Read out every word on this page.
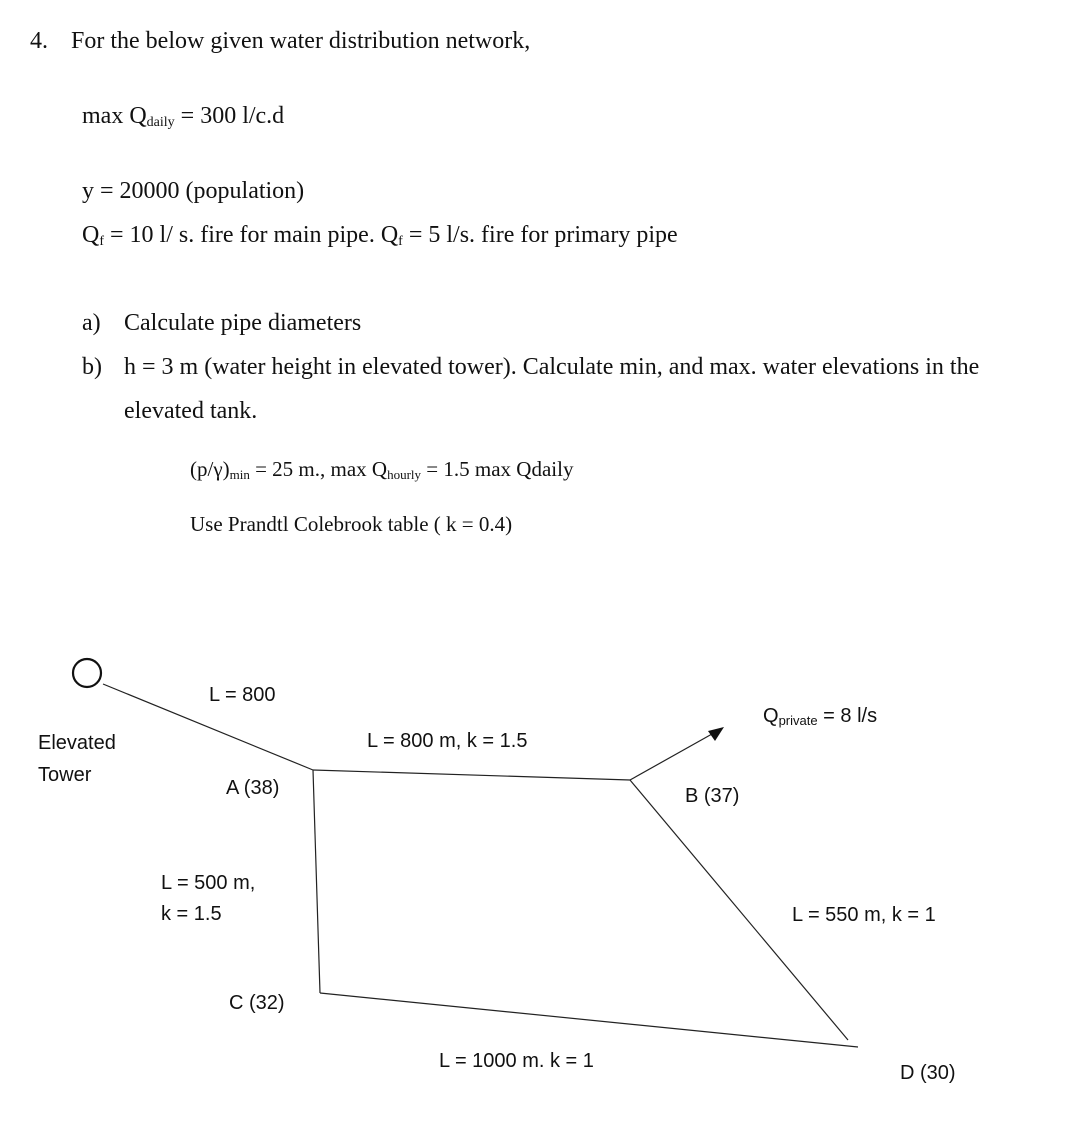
4. For the below given water distribution network,
$\max Q_{daily} = 300$ l/c.d
y = 20000 (population)
$Q_f = 10$ l/ s. fire for main pipe. $Q_f = 5$ l/s. fire for primary pipe
a) Calculate pipe diameters
b) h = 3 m (water height in elevated tower). Calculate min, and max. water elevations in the
elevated tank.
$(p/\gamma)_{min} = 25$ m., $\max Q_{hourly} = 1.5$ max Qdaily
Use Prandtl Colebrook table ( k = 0.4)
Elevated
Tower
L = 800
L = 800 m, k = 1.5
$Q_{private} = 8$ l/s
A (38)	B (37)
L = 500 m,
k = 1.5	L = 550 m, k = 1
C (32)
L = 1000 m. k = 1
D (30)
